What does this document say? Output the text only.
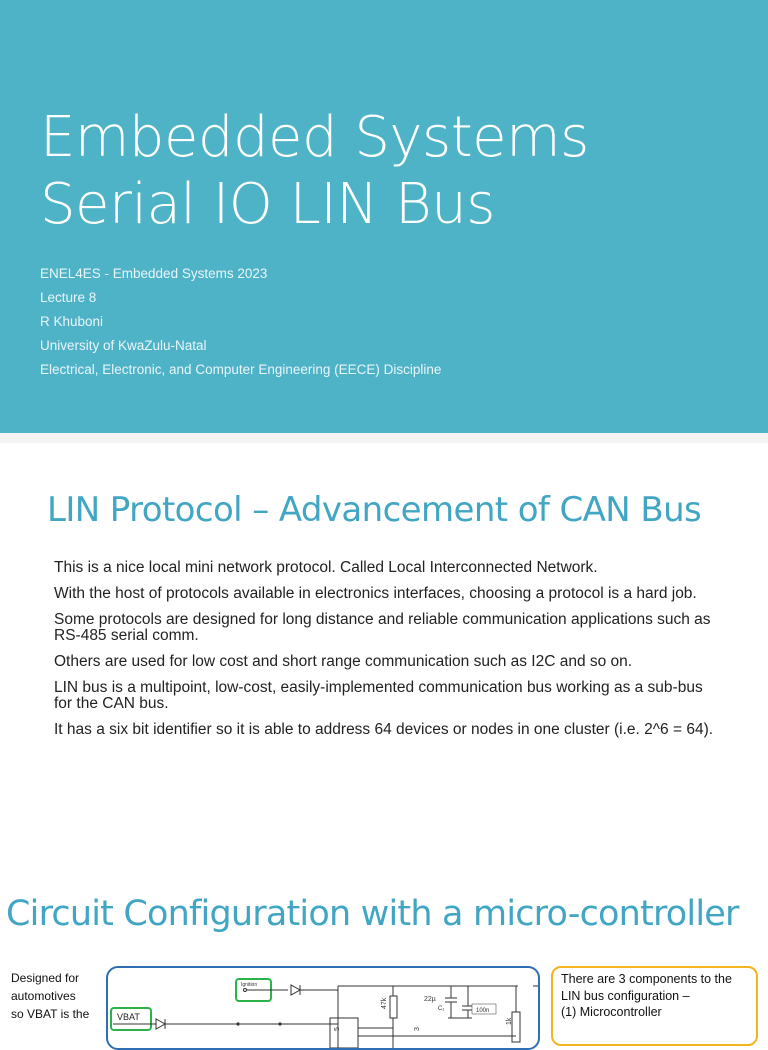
Embedded Systems
Serial IO LIN Bus
ENEL4ES - Embedded Systems 2023
Lecture 8
R Khuboni
University of KwaZulu-Natal
Electrical, Electronic, and Computer Engineering (EECE) Discipline
LIN Protocol – Advancement of CAN Bus

This is a nice local mini network protocol. Called Local Interconnected Network.

With the host of protocols available in electronics interfaces, choosing a protocol is a hard job.

Some protocols are designed for long distance and reliable communication applications such as RS-485 serial comm.

Others are used for low cost and short range communication such as I2C and so on.

LIN bus is a multipoint, low-cost, easily-implemented communication bus working as a sub-bus for the CAN bus.

It has a six bit identifier so it is able to address 64 devices or nodes in one cluster (i.e. 2^6 = 64).

Circuit Configuration with a micro-controller
Designed for
automotives
so VBAT is the
Ignition
47k	22µ
C₁	100n
1k
VBAT
5	3
There are 3 components to the
LIN bus configuration –
(1) Microcontroller
